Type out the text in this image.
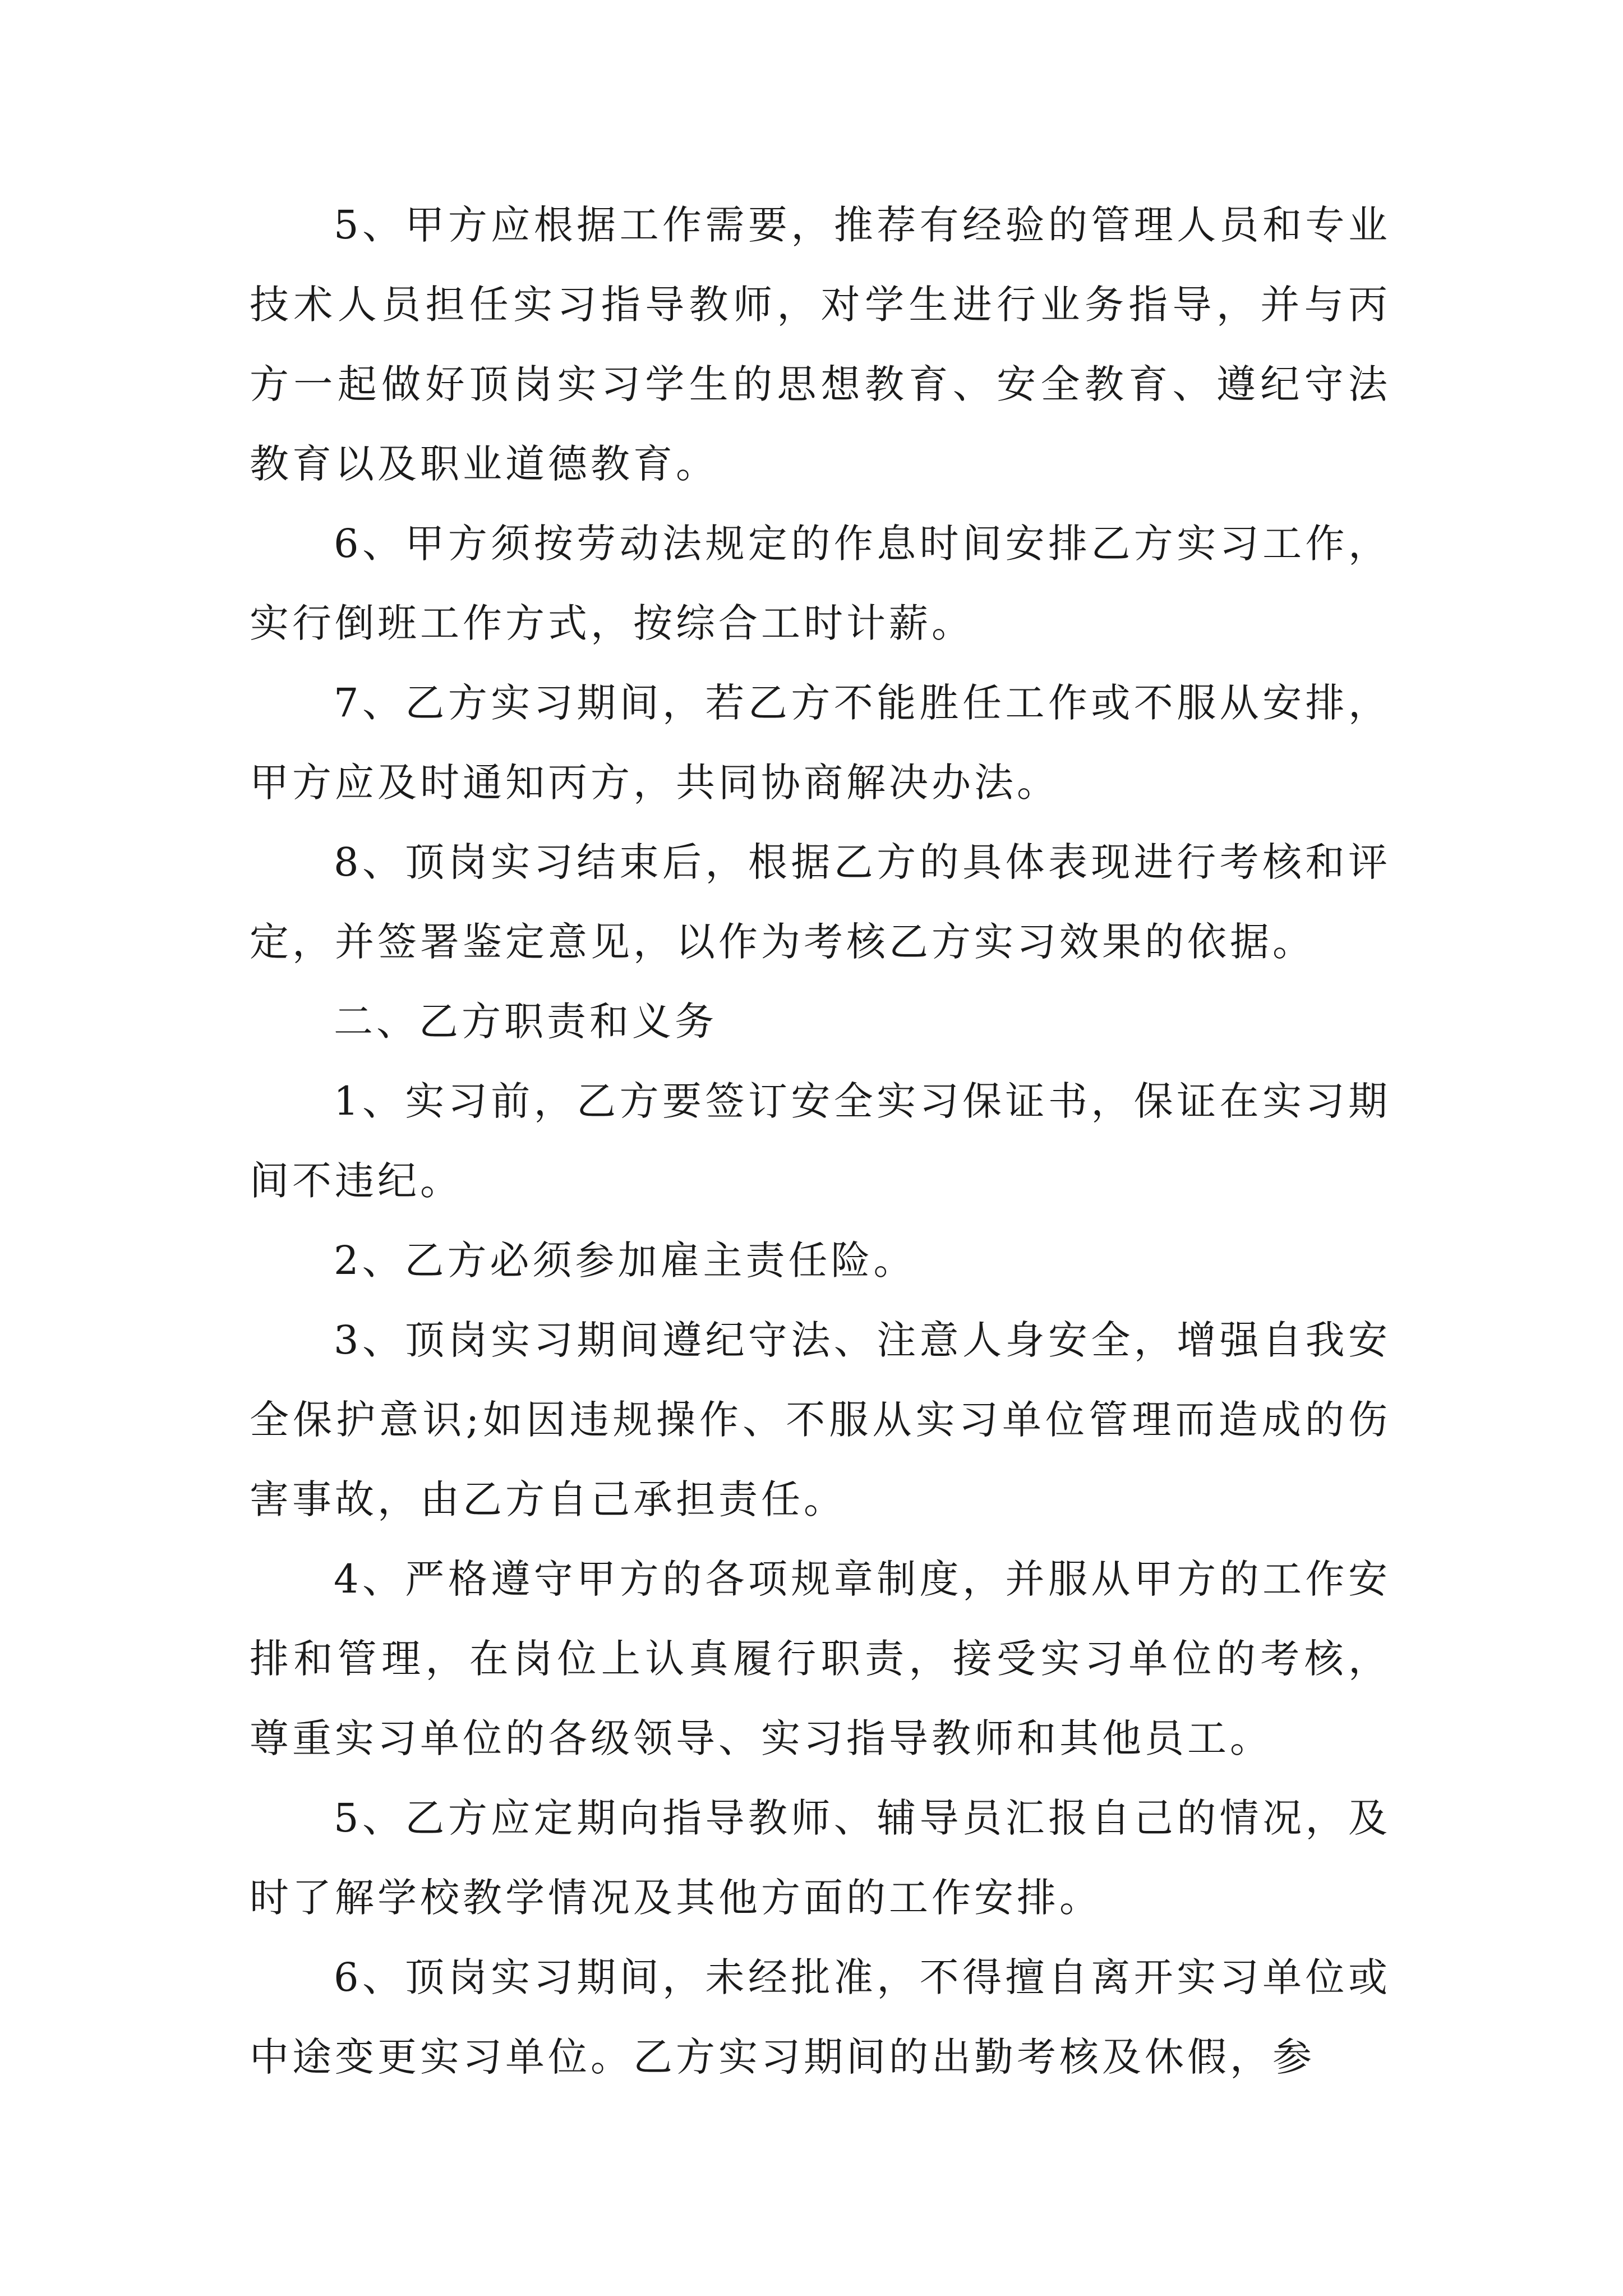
5、甲方应根据工作需要，推荐有经验的管理人员和专业技术人员担任实习指导教师，对学生进行业务指导，并与丙方一起做好顶岗实习学生的思想教育、安全教育、遵纪守法教育以及职业道德教育。

6、甲方须按劳动法规定的作息时间安排乙方实习工作，实行倒班工作方式，按综合工时计薪。

7、乙方实习期间，若乙方不能胜任工作或不服从安排，甲方应及时通知丙方，共同协商解决办法。

8、顶岗实习结束后，根据乙方的具体表现进行考核和评定，并签署鉴定意见，以作为考核乙方实习效果的依据。

二、乙方职责和义务

1、实习前，乙方要签订安全实习保证书，保证在实习期间不违纪。

2、乙方必须参加雇主责任险。

3、顶岗实习期间遵纪守法、注意人身安全，增强自我安全保护意识;如因违规操作、不服从实习单位管理而造成的伤害事故，由乙方自己承担责任。

4、严格遵守甲方的各项规章制度，并服从甲方的工作安排和管理，在岗位上认真履行职责，接受实习单位的考核，尊重实习单位的各级领导、实习指导教师和其他员工。

5、乙方应定期向指导教师、辅导员汇报自己的情况，及时了解学校教学情况及其他方面的工作安排。

6、顶岗实习期间，未经批准，不得擅自离开实习单位或中途变更实习单位。乙方实习期间的出勤考核及休假，参
